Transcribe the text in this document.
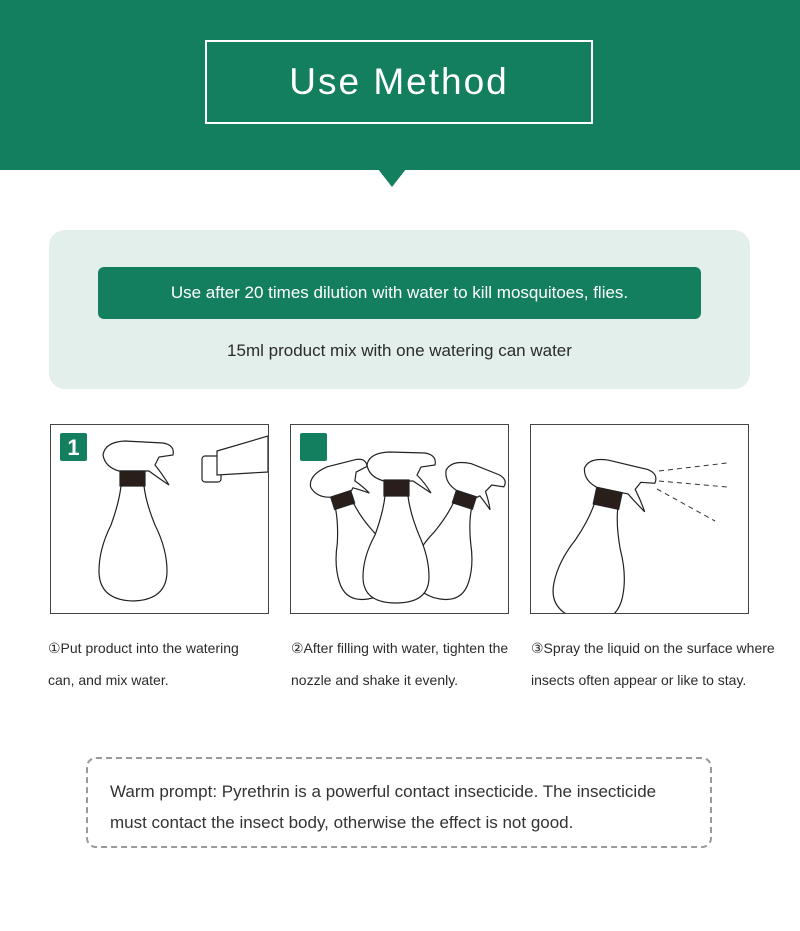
Use Method
Use after 20 times dilution with water to kill mosquitoes, flies.
15ml product mix with one watering can water
1
①Put product into the watering can, and mix water.
②After filling with water, tighten the nozzle and shake it evenly.
③Spray the liquid on the surface where insects often appear or like to stay.
Warm prompt: Pyrethrin is a powerful contact insecticide. The insecticide must contact the insect body, otherwise the effect is not good.
